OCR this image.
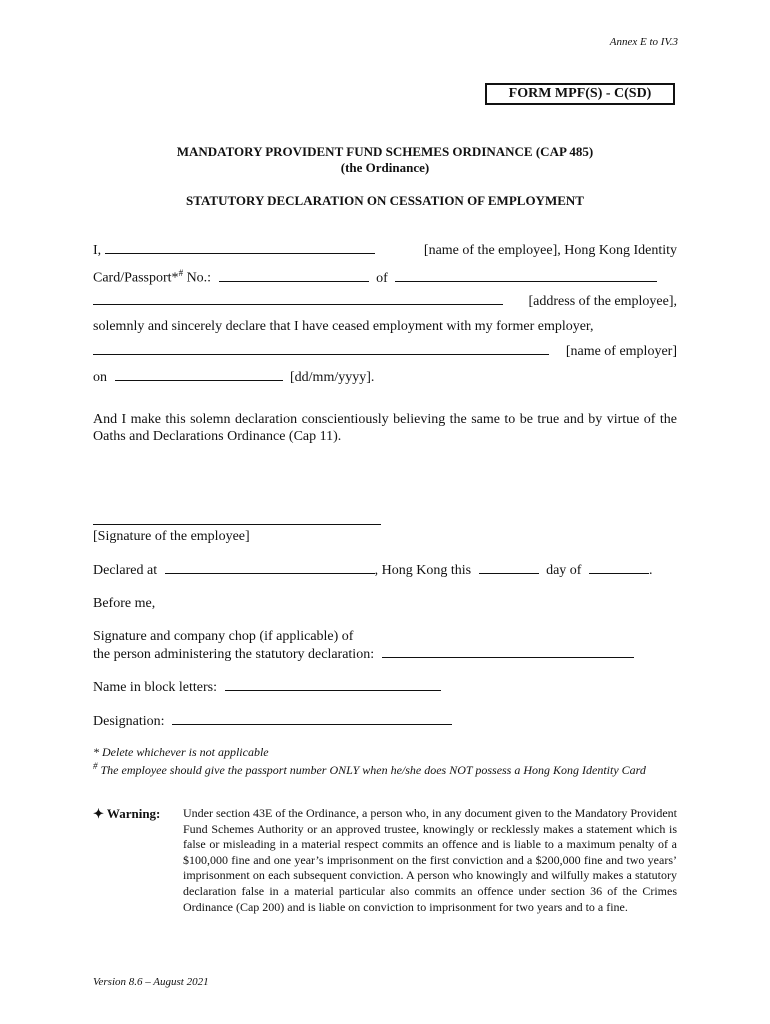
Annex E to IV.3
FORM MPF(S) - C(SD)
MANDATORY PROVIDENT FUND SCHEMES ORDINANCE (CAP 485)
(the Ordinance)
STATUTORY DECLARATION ON CESSATION OF EMPLOYMENT
I,	[name of the employee], Hong Kong Identity
Card/Passport*# No.:	of
[address of the employee],
solemnly and sincerely declare that I have ceased employment with my former employer,
[name of employer]
on	[dd/mm/yyyy].
And I make this solemn declaration conscientiously believing the same to be true and by virtue of the Oaths and Declarations Ordinance (Cap 11).
[Signature of the employee]
Declared at	, Hong Kong this	day of	.
Before me,
Signature and company chop (if applicable) of
the person administering the statutory declaration:
Name in block letters:
Designation:
* Delete whichever is not applicable
# The employee should give the passport number ONLY when he/she does NOT possess a Hong Kong Identity Card
✦ Warning: Under section 43E of the Ordinance, a person who, in any document given to the Mandatory Provident Fund Schemes Authority or an approved trustee, knowingly or recklessly makes a statement which is false or misleading in a material respect commits an offence and is liable to a maximum penalty of a $100,000 fine and one year’s imprisonment on the first conviction and a $200,000 fine and two years’ imprisonment on each subsequent conviction. A person who knowingly and wilfully makes a statutory declaration false in a material particular also commits an offence under section 36 of the Crimes Ordinance (Cap 200) and is liable on conviction to imprisonment for two years and to a fine.
Version 8.6 – August 2021
